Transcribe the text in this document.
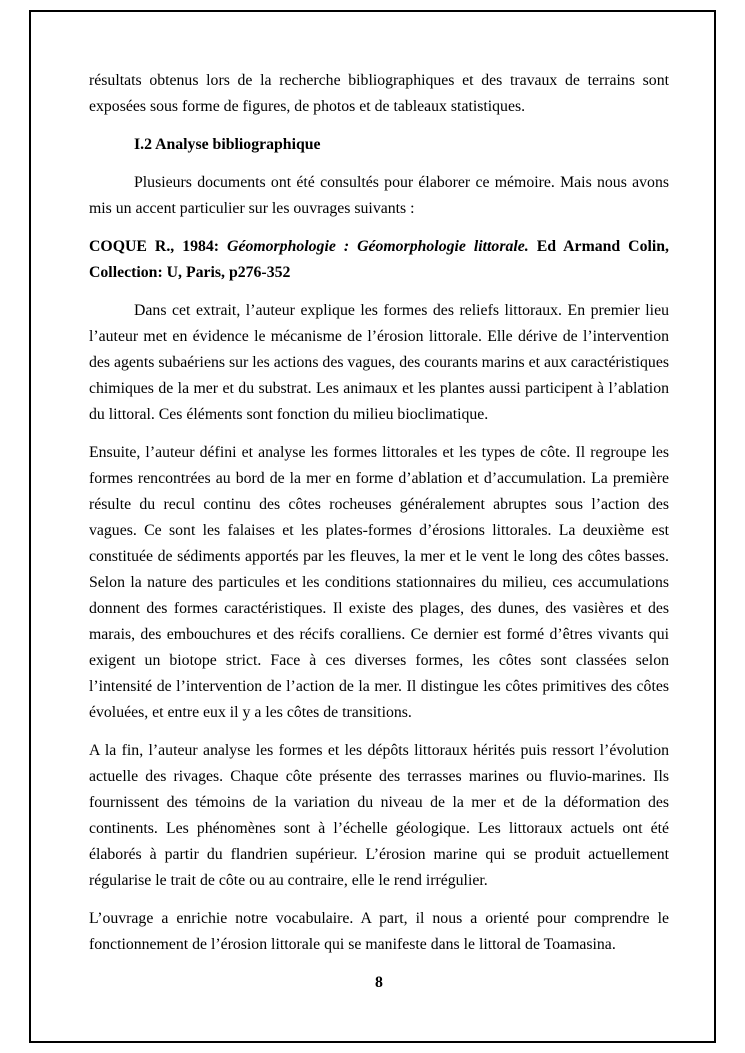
résultats obtenus lors de la recherche bibliographiques et des travaux de terrains sont exposées sous forme de figures, de photos et de tableaux statistiques.

I.2 Analyse bibliographique

Plusieurs documents ont été consultés pour élaborer ce mémoire. Mais nous avons mis un accent particulier sur les ouvrages suivants :

COQUE R., 1984: Géomorphologie : Géomorphologie littorale. Ed Armand Colin, Collection: U, Paris, p276-352

Dans cet extrait, l’auteur explique les formes des reliefs littoraux. En premier lieu l’auteur met en évidence le mécanisme de l’érosion littorale. Elle dérive de l’intervention des agents subaériens sur les actions des vagues, des courants marins et aux caractéristiques chimiques de la mer et du substrat. Les animaux et les plantes aussi participent à l’ablation du littoral. Ces éléments sont fonction du milieu bioclimatique.

Ensuite, l’auteur défini et analyse les formes littorales et les types de côte. Il regroupe les formes rencontrées au bord de la mer en forme d’ablation et d’accumulation. La première résulte du recul continu des côtes rocheuses généralement abruptes sous l’action des vagues. Ce sont les falaises et les plates-formes d’érosions littorales. La deuxième est constituée de sédiments apportés par les fleuves, la mer et le vent le long des côtes basses. Selon la nature des particules et les conditions stationnaires du milieu, ces accumulations donnent des formes caractéristiques. Il existe des plages, des dunes, des vasières et des marais, des embouchures et des récifs coralliens. Ce dernier est formé d’êtres vivants qui exigent un biotope strict. Face à ces diverses formes, les côtes sont classées selon l’intensité de l’intervention de l’action de la mer. Il distingue les côtes primitives des côtes évoluées, et entre eux il y a les côtes de transitions.

A la fin, l’auteur analyse les formes et les dépôts littoraux hérités puis ressort l’évolution actuelle des rivages. Chaque côte présente des terrasses marines ou fluvio-marines. Ils fournissent des témoins de la variation du niveau de la mer et de la déformation des continents. Les phénomènes sont à l’échelle géologique. Les littoraux actuels ont été élaborés à partir du flandrien supérieur. L’érosion marine qui se produit actuellement régularise le trait de côte ou au contraire, elle le rend irrégulier.

L’ouvrage a enrichie notre vocabulaire. A part, il nous a orienté pour comprendre le fonctionnement de l’érosion littorale qui se manifeste dans le littoral de Toamasina.

8
